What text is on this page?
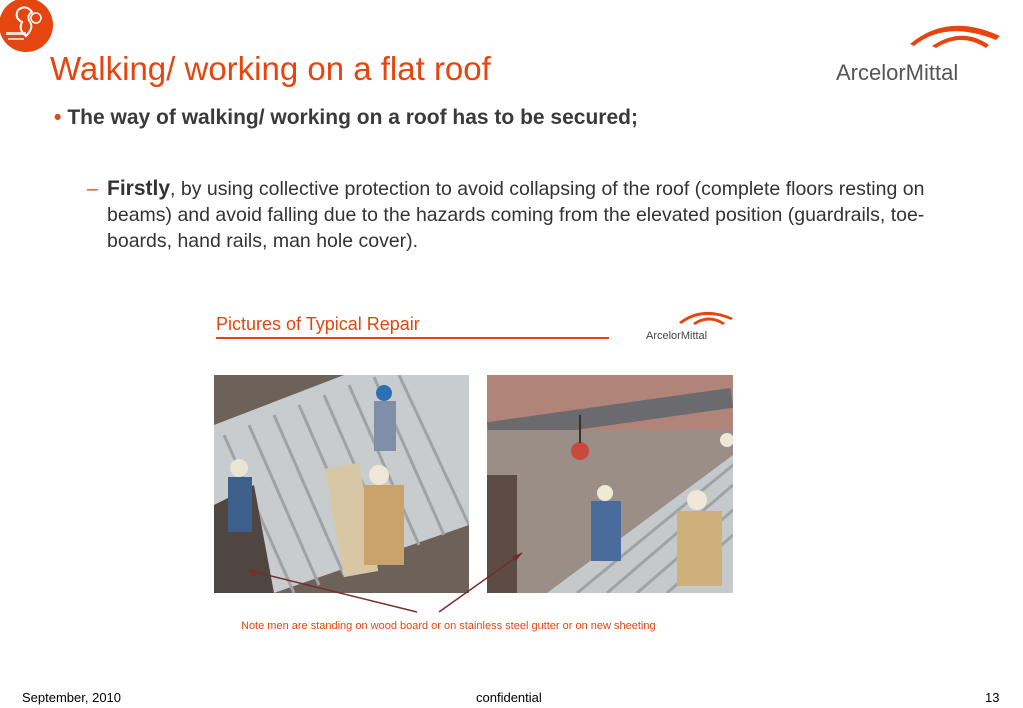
Walking/ working on a flat roof	ArcelorMittal
• The way of walking/ working on a roof has to be secured;
– Firstly, by using collective protection to avoid collapsing of the roof (complete floors resting on beams) and avoid falling due to the hazards coming from the elevated position (guardrails, toe-boards, hand rails, man hole cover).
Pictures of Typical Repair
ArcelorMittal
Note men are standing on wood board or on stainless steel gutter or on new sheeting
September, 2010	confidential	13
